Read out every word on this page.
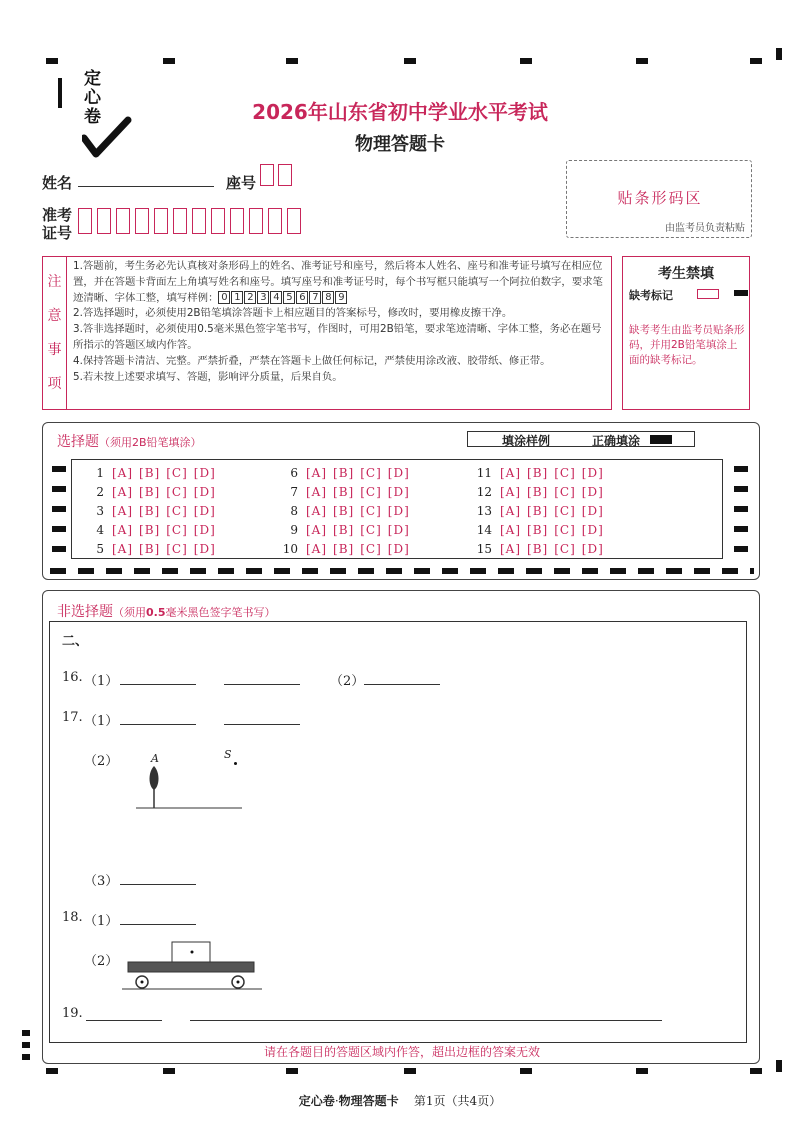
定
心
卷	2026年山东省初中学业水平考试
物理答题卡
姓名	座号
准考
证号
贴条形码区
由监考员负责粘贴
注
意
事
项

1.答题前，考生务必先认真核对条形码上的姓名、准考证号和座号，然后将本人姓名、座号和准考证号填写在相应位置，并在答题卡背面左上角填写姓名和座号。填写座号和准考证号时，每个书写框只能填写一个阿拉伯数字，要求笔迹清晰、字体工整，填写样例： 0 1 2 3 4 5 6 7 8 9

2.答选择题时，必须使用2B铅笔填涂答题卡上相应题目的答案标号，修改时，要用橡皮擦干净。

3.答非选择题时，必须使用0.5毫米黑色签字笔书写，作图时，可用2B铅笔，要求笔迹清晰、字体工整，务必在题号所指示的答题区域内作答。

4.保持答题卡清洁、完整。严禁折叠，严禁在答题卡上做任何标记，严禁使用涂改液、胶带纸、修正带。

5.若未按上述要求填写、答题，影响评分质量，后果自负。

考生禁填
缺考标记
缺考考生由监考员贴条形码，并用2B铅笔填涂上面的缺考标记。
选择题（须用2B铅笔填涂）	填涂样例	正确填涂
1 [A] [B] [C] [D]
2 [A] [B] [C] [D]
3 [A] [B] [C] [D]
4 [A] [B] [C] [D]
5 [A] [B] [C] [D]
6 [A] [B] [C] [D]
7 [A] [B] [C] [D]
8 [A] [B] [C] [D]
9 [A] [B] [C] [D]
10 [A] [B] [C] [D]
11 [A] [B] [C] [D]
12 [A] [B] [C] [D]
13 [A] [B] [C] [D]
14 [A] [B] [C] [D]
15 [A] [B] [C] [D]
非选择题（须用0.5毫米黑色签字笔书写）
二、
16. （1）	（2）
17. （1）
（2）	A	S
（3）
18. （1）
（2）
19.
请在各题目的答题区域内作答，超出边框的答案无效
定心卷·物理答题卡 第1页（共4页）
